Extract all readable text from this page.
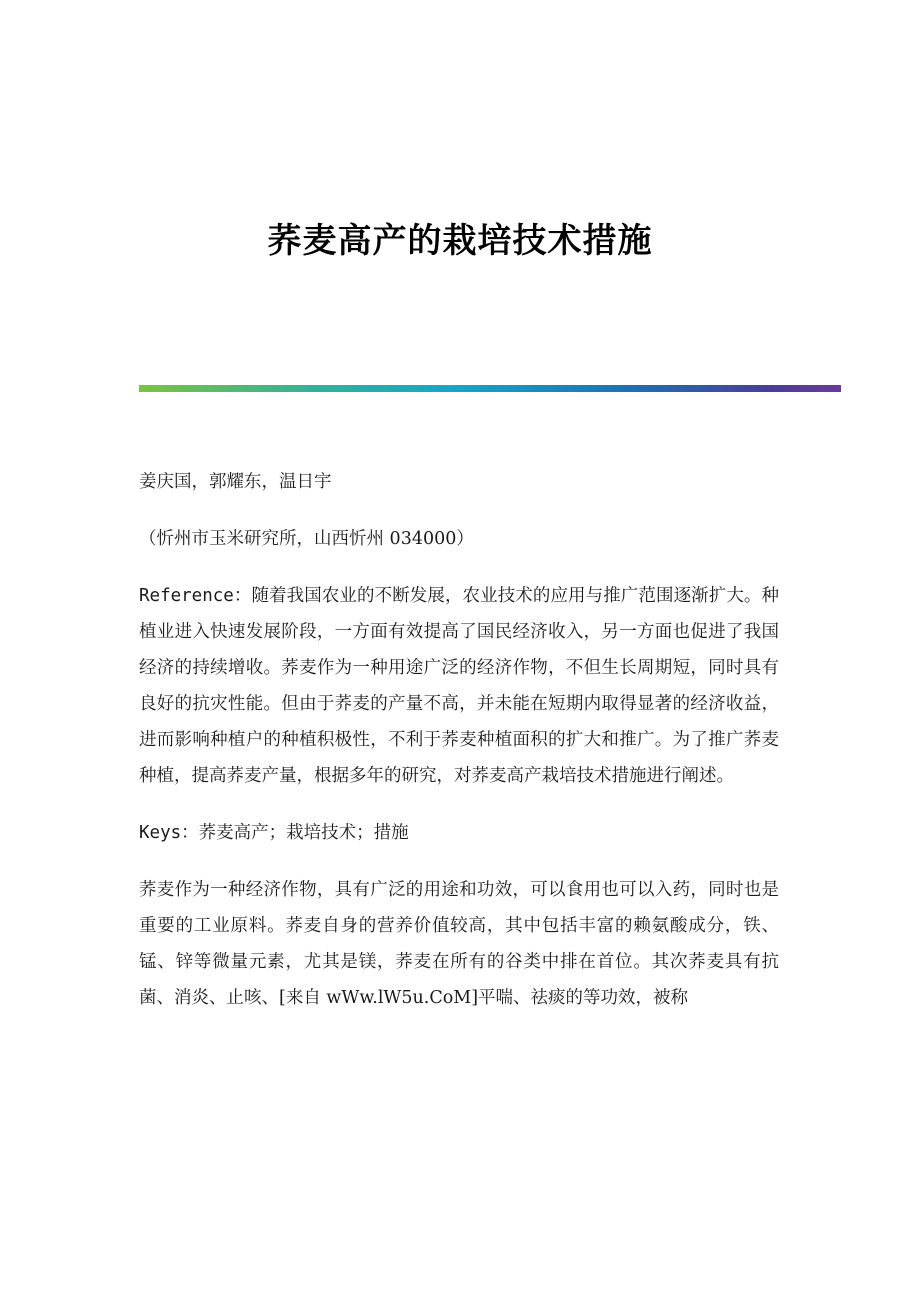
荞麦高产的栽培技术措施

姜庆国，郭耀东，温日宇

（忻州市玉米研究所，山西忻州 034000）

Reference：随着我国农业的不断发展，农业技术的应用与推广范围逐渐扩大。种植业进入快速发展阶段，一方面有效提高了国民经济收入，另一方面也促进了我国经济的持续增收。荞麦作为一种用途广泛的经济作物，不但生长周期短，同时具有良好的抗灾性能。但由于荞麦的产量不高，并未能在短期内取得显著的经济收益，进而影响种植户的种植积极性，不利于荞麦种植面积的扩大和推广。为了推广荞麦种植，提高荞麦产量，根据多年的研究，对荞麦高产栽培技术措施进行阐述。

Keys：荞麦高产；栽培技术；措施

荞麦作为一种经济作物，具有广泛的用途和功效，可以食用也可以入药，同时也是重要的工业原料。荞麦自身的营养价值较高，其中包括丰富的赖氨酸成分，铁、锰、锌等微量元素，尤其是镁，荞麦在所有的谷类中排在首位。其次荞麦具有抗菌、消炎、止咳、[来自 wWw.lW5u.CoM]平喘、祛痰的等功效，被称
